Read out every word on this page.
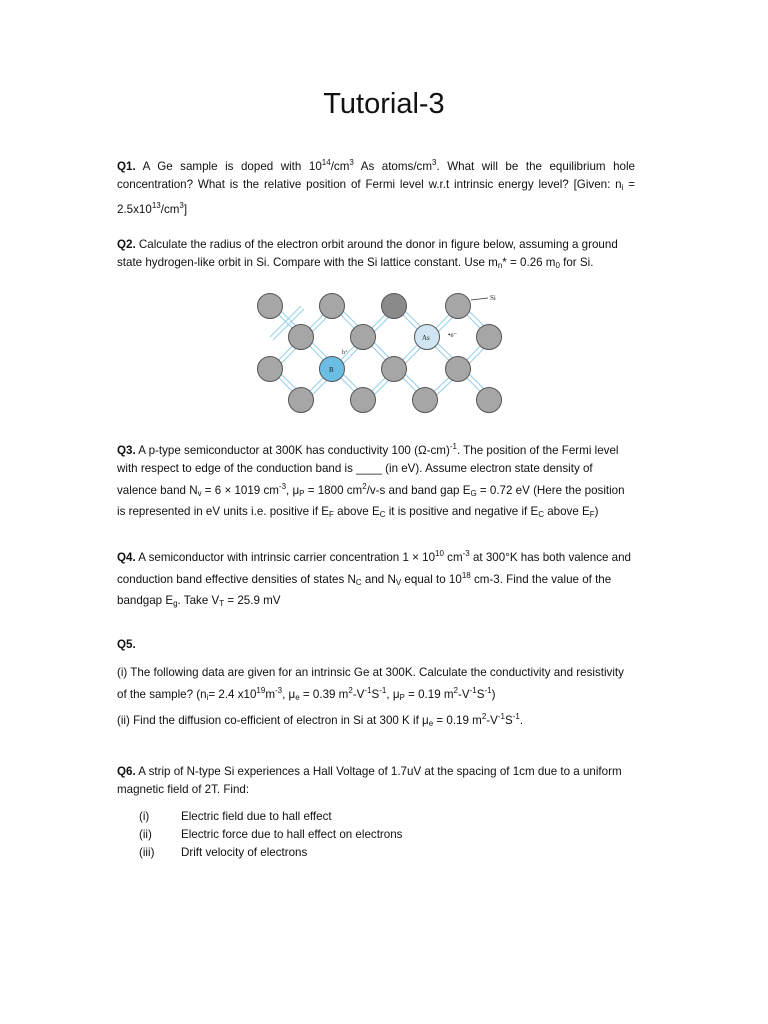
Tutorial-3
Q1. A Ge sample is doped with $10^{14}/cm^3$ As atoms/$cm^3$. What will be the equilibrium hole concentration? What is the relative position of Fermi level w.r.t intrinsic energy level? [Given: $n_i = 2.5x10^{13}/cm^3$]
Q2. Calculate the radius of the electron orbit around the donor in figure below, assuming a ground state hydrogen-like orbit in Si. Compare with the Si lattice constant. Use $m_n* = 0.26$ $m_0$ for Si.
Si
As
B
•e⁻
h⁺
Q3. A p-type semiconductor at 300K has conductivity 100 $(\Omega-cm)^{-1}$. The position of the Fermi level with respect to edge of the conduction band is ____ (in eV). Assume electron state density of valence band $N_v = 6 \times 1019$ $cm^{-3}$, $\mu_P = 1800$ $cm^2/v-s$ and band gap $E_G = 0.72$ eV (Here the position is represented in eV units i.e. positive if $E_F$ above $E_C$ it is positive and negative if $E_C$ above $E_F$)
Q4. A semiconductor with intrinsic carrier concentration $1 \times 10^{10}$ $cm^{-3}$ at 300°K has both valence and conduction band effective densities of states $N_C$ and $N_V$ equal to $10^{18}$ cm-3. Find the value of the bandgap $E_g$. Take $V_T = 25.9$ mV
Q5.
(i) The following data are given for an intrinsic Ge at 300K. Calculate the conductivity and resistivity of the sample? ($n_i= 2.4$ $x10^{19}m^{-3}$, $\mu_e = 0.39$ $m^2-V^{-1}S^{-1}$, $\mu_P = 0.19$ $m^2-V^{-1}S^{-1}$)
(ii) Find the diffusion co-efficient of electron in Si at 300 K if $\mu_e = 0.19$ $m^2-V^{-1}S^{-1}$.
Q6. A strip of N-type Si experiences a Hall Voltage of 1.7uV at the spacing of 1cm due to a uniform magnetic field of 2T. Find:
(i)	Electric field due to hall effect
(ii)	Electric force due to hall effect on electrons
(iii) Drift velocity of electrons
